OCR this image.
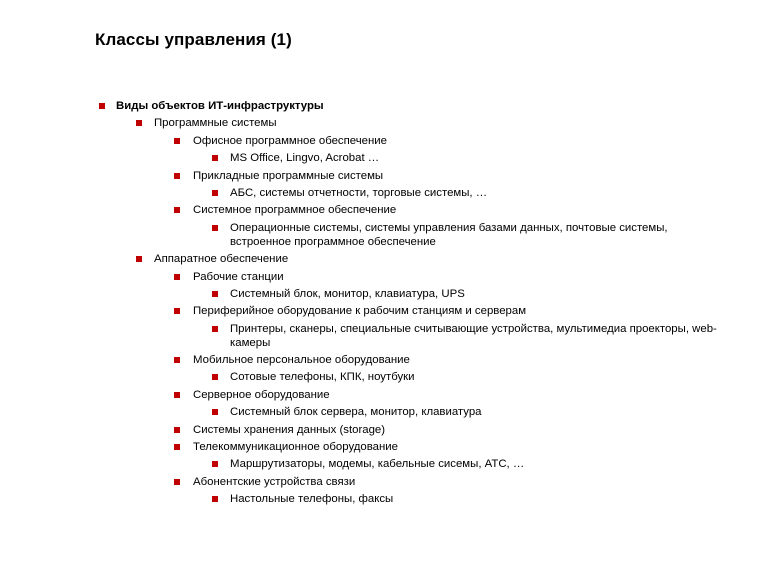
Классы управления (1)
Виды объектов ИТ-инфраструктуры
Программные системы
Офисное программное обеспечение
MS Office, Lingvo, Acrobat …
Прикладные программные системы
АБС, системы отчетности, торговые системы, …
Системное программное обеспечение
Операционные системы, системы управления базами данных, почтовые системы, встроенное программное обеспечение
Аппаратное обеспечение
Рабочие станции
Системный блок, монитор, клавиатура, UPS
Периферийное оборудование к рабочим станциям и серверам
Принтеры, сканеры, специальные считывающие устройства, мультимедиа проекторы, web-камеры
Мобильное персональное оборудование
Сотовые телефоны, КПК, ноутбуки
Серверное оборудование
Системный блок сервера, монитор, клавиатура
Системы хранения данных (storage)
Телекоммуникационное оборудование
Маршрутизаторы, модемы, кабельные сисемы, АТС, …
Абонентские устройства связи
Настольные телефоны, факсы
